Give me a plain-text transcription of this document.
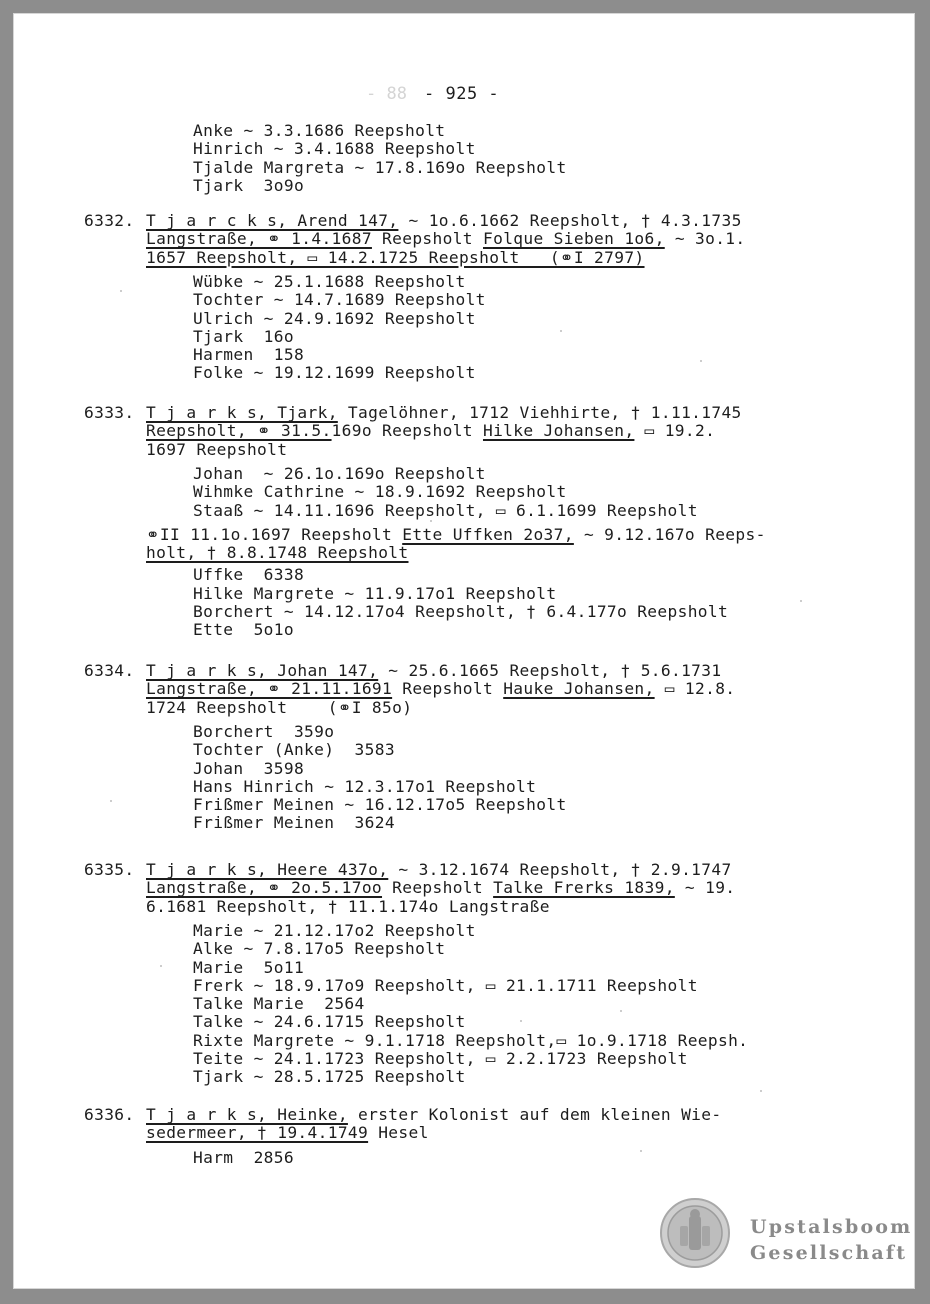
- 88 - 925 -
Anke ~ 3.3.1686 Reepsholt
Hinrich ~ 3.4.1688 Reepsholt
Tjalde Margreta ~ 17.8.169o Reepsholt
Tjark  3o9o
6332. T j a r c k s, Arend 147, ~ 1o.6.1662 Reepsholt, † 4.3.1735
Langstraße, ⚭ 1.4.1687 Reepsholt Folque Sieben 1o6, ~ 3o.1.
1657 Reepsholt, ▭ 14.2.1725 Reepsholt   (⚭I 2797)
Wübke ~ 25.1.1688 Reepsholt
Tochter ~ 14.7.1689 Reepsholt
Ulrich ~ 24.9.1692 Reepsholt
Tjark  16o
Harmen  158
Folke ~ 19.12.1699 Reepsholt
6333. T j a r k s, Tjark, Tagelöhner, 1712 Viehhirte, † 1.11.1745
Reepsholt, ⚭ 31.5.169o Reepsholt Hilke Johansen, ▭ 19.2.
1697 Reepsholt
Johan  ~ 26.1o.169o Reepsholt
Wihmke Cathrine ~ 18.9.1692 Reepsholt
Staaß ~ 14.11.1696 Reepsholt, ▭ 6.1.1699 Reepsholt
⚭II 11.1o.1697 Reepsholt Ette Uffken 2o37, ~ 9.12.167o Reeps-
holt, † 8.8.1748 Reepsholt
Uffke  6338
Hilke Margrete ~ 11.9.17o1 Reepsholt
Borchert ~ 14.12.17o4 Reepsholt, † 6.4.177o Reepsholt
Ette  5o1o
6334. T j a r k s, Johan 147, ~ 25.6.1665 Reepsholt, † 5.6.1731
Langstraße, ⚭ 21.11.1691 Reepsholt Hauke Johansen, ▭ 12.8.
1724 Reepsholt    (⚭I 85o)
Borchert  359o
Tochter (Anke)  3583
Johan  3598
Hans Hinrich ~ 12.3.17o1 Reepsholt
Frißmer Meinen ~ 16.12.17o5 Reepsholt
Frißmer Meinen  3624
6335. T j a r k s, Heere 437o, ~ 3.12.1674 Reepsholt, † 2.9.1747
Langstraße, ⚭ 2o.5.17oo Reepsholt Talke Frerks 1839, ~ 19.
6.1681 Reepsholt, † 11.1.174o Langstraße
Marie ~ 21.12.17o2 Reepsholt
Alke ~ 7.8.17o5 Reepsholt
Marie  5o11
Frerk ~ 18.9.17o9 Reepsholt, ▭ 21.1.1711 Reepsholt
Talke Marie  2564
Talke ~ 24.6.1715 Reepsholt
Rixte Margrete ~ 9.1.1718 Reepsholt,▭ 1o.9.1718 Reepsh.
Teite ~ 24.1.1723 Reepsholt, ▭ 2.2.1723 Reepsholt
Tjark ~ 28.5.1725 Reepsholt
6336. T j a r k s, Heinke, erster Kolonist auf dem kleinen Wie-
sedermeer, † 19.4.1749 Hesel
Harm  2856
Upstalsboom
Gesellschaft
